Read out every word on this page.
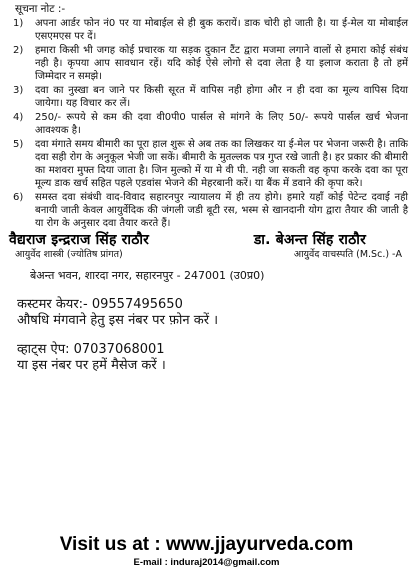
सूचना नोट :-
1)	अपना आर्डर फोन नं0 पर या मोबाईल से ही बुक करायें। डाक चोरी हो जाती है। या ई-मेल या मोबाईल एसएमएस पर दें।
2)	हमारा किसी भी जगह कोई प्रचारक या सड़क दुकान टैंट द्वारा मजमा लगाने वालों से हमारा कोई संबंध नही है। कृपया आप सावधान रहें। यदि कोई ऐसे लोगो से दवा लेता है या इलाज कराता है तो हमें जिम्मेदार न समझे।
3)	दवा का नुस्खा बन जाने पर किसी सूरत में वापिस नही होगा और न ही दवा का मूल्य वापिस दिया जायेगा। यह विचार कर लें।
4)	250/- रूपये से कम की दवा वी0पी0 पार्सल से मांगने के लिए 50/- रूपये पार्सल खर्च भेजना आवश्यक है।
5)	दवा मंगाते समय बीमारी का पूरा हाल शुरू से अब तक का लिखकर या ई-मेल पर भेजना जरूरी है। ताकि दवा सही रोग के अनुकूल भेजी जा सकें। बीमारी के मुतल्लक पत्र गुप्त रखे जाती है। हर प्रकार की बीमारी का मशवरा मुफ्त दिया जाता है। जिन मुल्को में या मे वी पी. नही जा सकती वह कृपा करके दवा का पूरा मूल्य डाक खर्च सहित पहले एडवांस भेजने की मेहरबानी करें। या बैंक में डवाने की कृपा करे।
6)	समस्त दवा संबंधी वाद-विवाद सहारनपुर न्यायालय में ही तय होगे। हमारे यहाँ कोई पेटेन्ट दवाई नही बनायी जाती केवल आयुर्वेदिक की जंगली जडी बूटी रस, भस्म से खानदानी योग द्वारा तैयार की जाती है या रोग के अनुसार दवा तैयार करते हैं।
वैद्यराज इन्द्रराज सिंह राठौर
आयुर्वेद शास्त्री (ज्योतिष प्रांगत)
डा. बेअन्त सिंह राठौर
आयुर्वेद वाचस्पति (M.Sc.) -A
बेअन्त भवन, शारदा नगर, सहारनपुर - 247001 (उ0प्र0)
कस्टमर केयर:- 09557495650
औषधि मंगवाने हेतु इस नंबर पर फ़ोन करें ।
व्हाट्स ऐप: 07037068001
या इस नंबर पर हमें मैसेज करें ।
Visit us at : www.jjayurveda.com
E-mail : induraj2014@gmail.com
